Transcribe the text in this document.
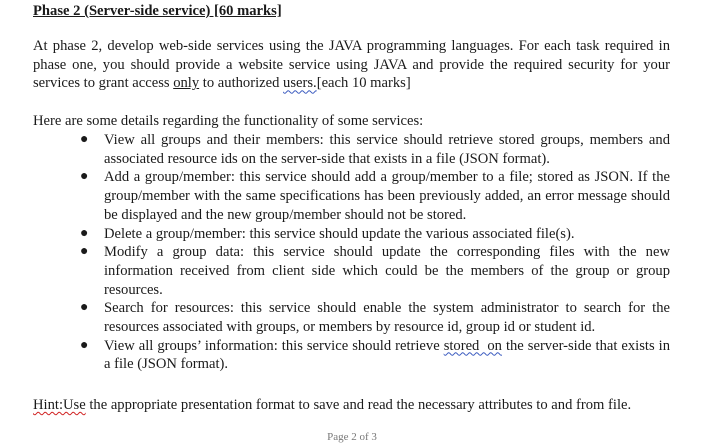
Phase 2 (Server-side service) [60 marks]
At phase 2, develop web-side services using the JAVA programming languages. For each task required in phase one, you should provide a website service using JAVA and provide the required security for your services to grant access only to authorized users.[each 10 marks]
Here are some details regarding the functionality of some services:
● View all groups and their members: this service should retrieve stored groups, members and associated resource ids on the server-side that exists in a file (JSON format).
● Add a group/member: this service should add a group/member to a file; stored as JSON. If the group/member with the same specifications has been previously added, an error message should be displayed and the new group/member should not be stored.
● Delete a group/member: this service should update the various associated file(s).
● Modify a group data: this service should update the corresponding files with the new information received from client side which could be the members of the group or group resources.
● Search for resources: this service should enable the system administrator to search for the resources associated with groups, or members by resource id, group id or student id.
● View all groups’ information: this service should retrieve stored  on the server-side that exists in a file (JSON format).
Hint:Use the appropriate presentation format to save and read the necessary attributes to and from file.
Page 2 of 3
